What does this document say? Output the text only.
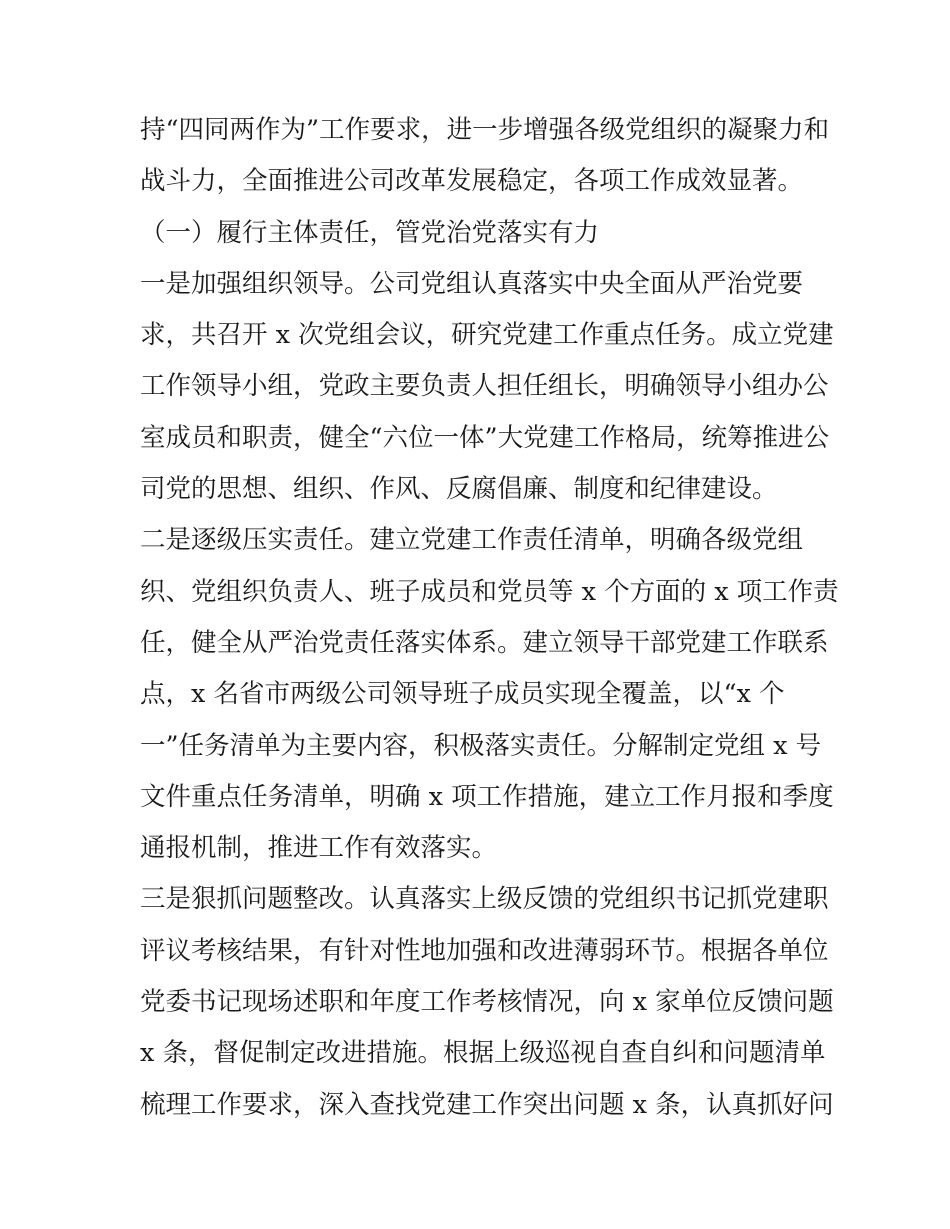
持“四同两作为”工作要求，进一步增强各级党组织的凝聚力和
战斗力，全面推进公司改革发展稳定，各项工作成效显著。
（一）履行主体责任，管党治党落实有力
一是加强组织领导。公司党组认真落实中央全面从严治党要
求，共召开 x 次党组会议，研究党建工作重点任务。成立党建
工作领导小组，党政主要负责人担任组长，明确领导小组办公
室成员和职责，健全“六位一体”大党建工作格局，统筹推进公
司党的思想、组织、作风、反腐倡廉、制度和纪律建设。
二是逐级压实责任。建立党建工作责任清单，明确各级党组
织、党组织负责人、班子成员和党员等 x 个方面的 x 项工作责
任，健全从严治党责任落实体系。建立领导干部党建工作联系
点，x 名省市两级公司领导班子成员实现全覆盖，以“x 个
一”任务清单为主要内容，积极落实责任。分解制定党组 x 号
文件重点任务清单，明确 x 项工作措施，建立工作月报和季度
通报机制，推进工作有效落实。
三是狠抓问题整改。认真落实上级反馈的党组织书记抓党建职
评议考核结果，有针对性地加强和改进薄弱环节。根据各单位
党委书记现场述职和年度工作考核情况，向 x 家单位反馈问题
x 条，督促制定改进措施。根据上级巡视自查自纠和问题清单
梳理工作要求，深入查找党建工作突出问题 x 条，认真抓好问
